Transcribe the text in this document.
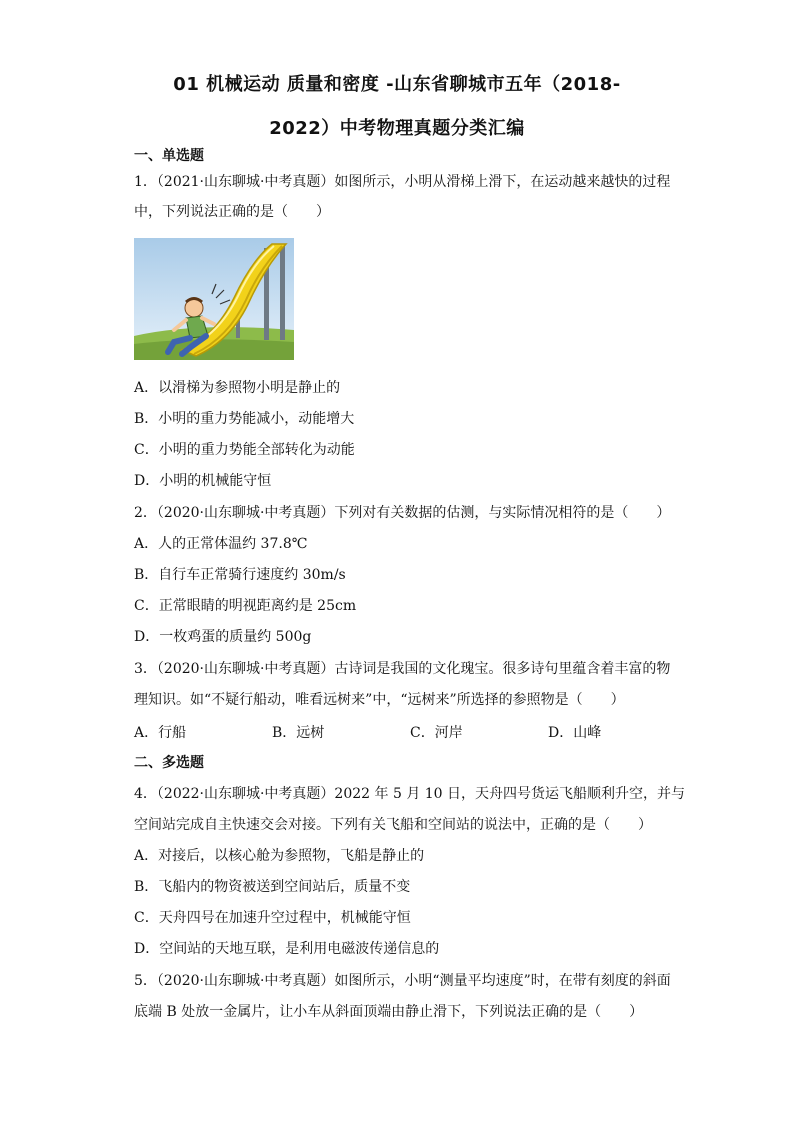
01 机械运动 质量和密度 -山东省聊城市五年（2018-
2022）中考物理真题分类汇编
一、单选题
1．（2021·山东聊城·中考真题）如图所示，小明从滑梯上滑下，在运动越来越快的过程
中，下列说法正确的是（　　）
A．以滑梯为参照物小明是静止的
B．小明的重力势能减小，动能增大
C．小明的重力势能全部转化为动能
D．小明的机械能守恒
2．（2020·山东聊城·中考真题）下列对有关数据的估测，与实际情况相符的是（　　）
A．人的正常体温约 37.8℃
B．自行车正常骑行速度约 30m/s
C．正常眼睛的明视距离约是 25cm
D．一枚鸡蛋的质量约 500g
3．（2020·山东聊城·中考真题）古诗词是我国的文化瑰宝。很多诗句里蕴含着丰富的物
理知识。如“不疑行船动，唯看远树来”中，“远树来”所选择的参照物是（　　）
A．行船	B．远树	C．河岸	D．山峰
二、多选题
4．（2022·山东聊城·中考真题）2022 年 5 月 10 日，天舟四号货运飞船顺利升空，并与
空间站完成自主快速交会对接。下列有关飞船和空间站的说法中，正确的是（　　）
A．对接后，以核心舱为参照物，飞船是静止的
B．飞船内的物资被送到空间站后，质量不变
C．天舟四号在加速升空过程中，机械能守恒
D．空间站的天地互联，是利用电磁波传递信息的
5．（2020·山东聊城·中考真题）如图所示，小明“测量平均速度”时，在带有刻度的斜面
底端 B 处放一金属片，让小车从斜面顶端由静止滑下，下列说法正确的是（　　）
